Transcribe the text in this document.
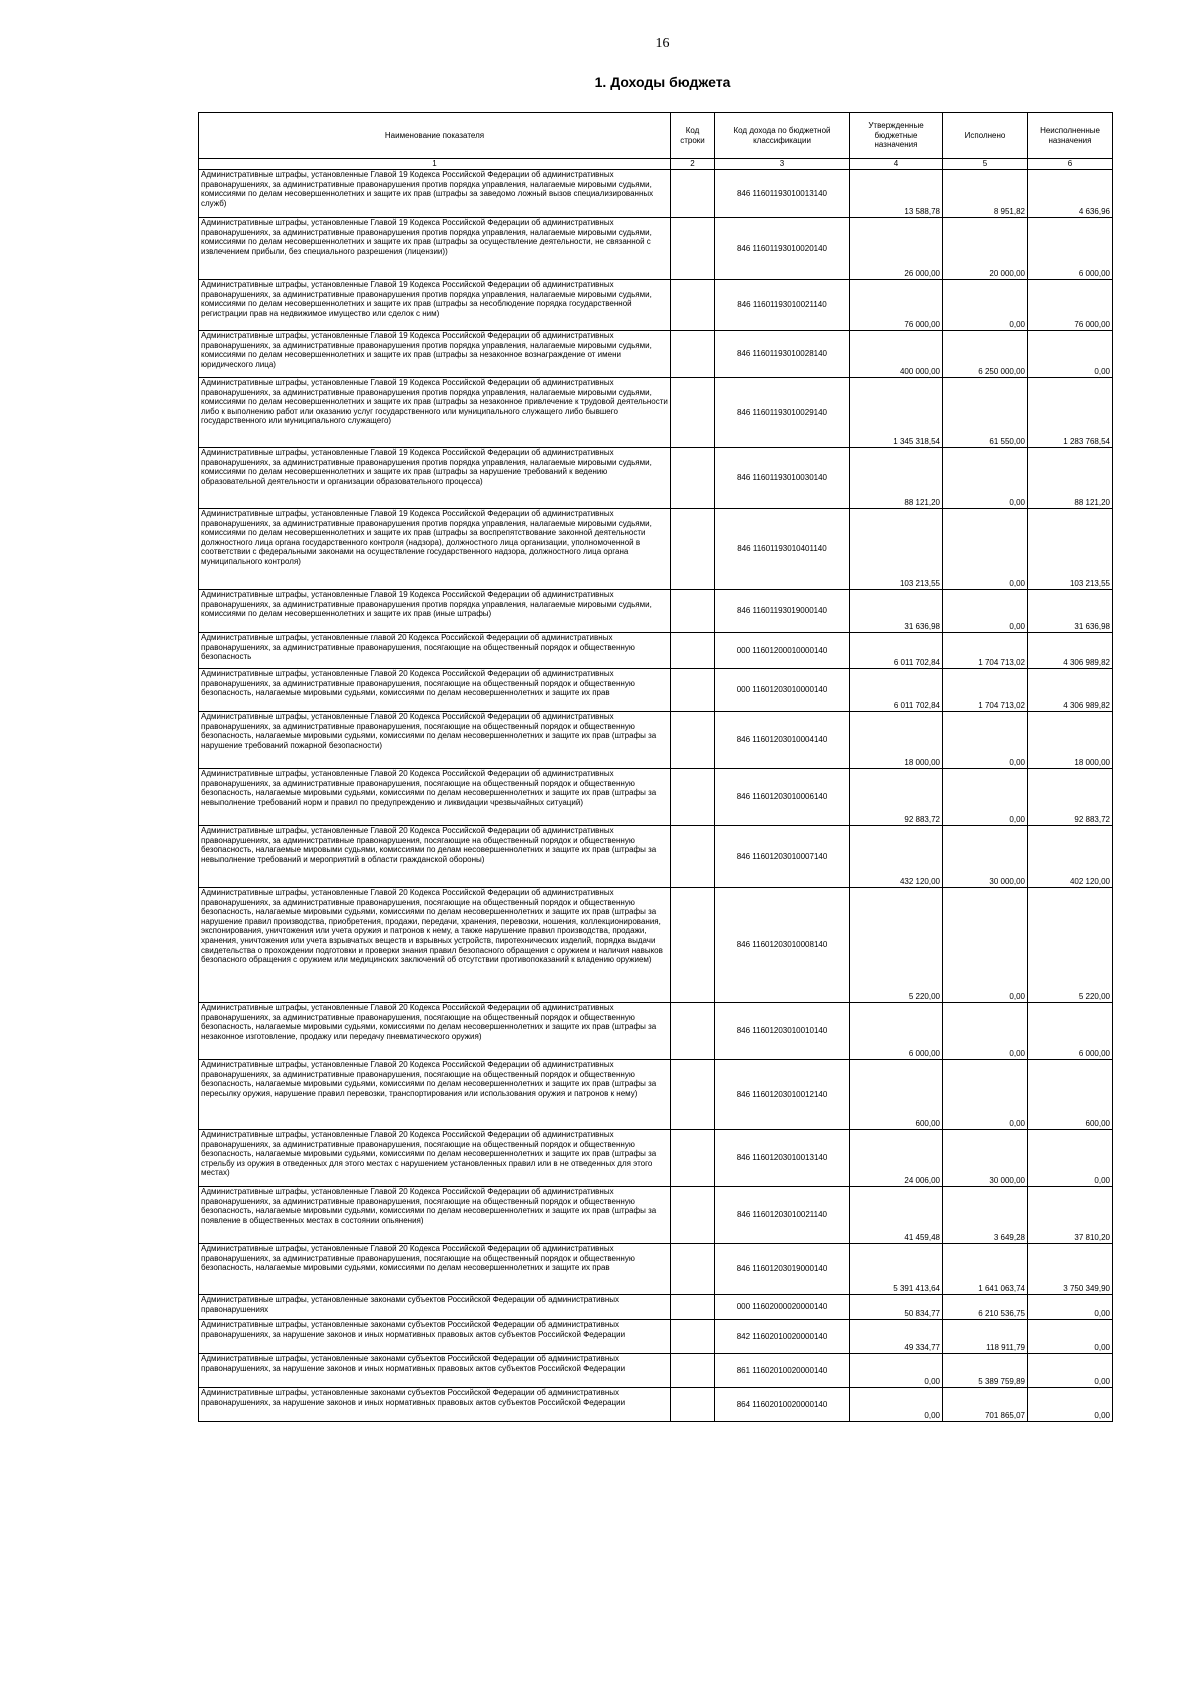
16
1. Доходы бюджета
Наименование показателя	Код строки	Код дохода по бюджетной классификации	Утвержденные бюджетные назначения	Исполнено	Неисполненные назначения
1	2	3	4	5	6
Административные штрафы, установленные Главой 19 Кодекса Российской Федерации об административных правонарушениях, за административные правонарушения против порядка управления, налагаемые мировыми судьями, комиссиями по делам несовершеннолетних и защите их прав (штрафы за заведомо ложный вызов специализированных служб)		846 11601193010013140	13 588,78	8 951,82	4 636,96
Административные штрафы, установленные Главой 19 Кодекса Российской Федерации об административных правонарушениях, за административные правонарушения против порядка управления, налагаемые мировыми судьями, комиссиями по делам несовершеннолетних и защите их прав (штрафы за осуществление деятельности, не связанной с извлечением прибыли, без специального разрешения (лицензии))		846 11601193010020140	26 000,00	20 000,00	6 000,00
Административные штрафы, установленные Главой 19 Кодекса Российской Федерации об административных правонарушениях, за административные правонарушения против порядка управления, налагаемые мировыми судьями, комиссиями по делам несовершеннолетних и защите их прав (штрафы за несоблюдение порядка государственной регистрации прав на недвижимое имущество или сделок с ним)		846 11601193010021140	76 000,00	0,00	76 000,00
Административные штрафы, установленные Главой 19 Кодекса Российской Федерации об административных правонарушениях, за административные правонарушения против порядка управления, налагаемые мировыми судьями, комиссиями по делам несовершеннолетних и защите их прав (штрафы за незаконное вознаграждение от имени юридического лица)		846 11601193010028140	400 000,00	6 250 000,00	0,00
Административные штрафы, установленные Главой 19 Кодекса Российской Федерации об административных правонарушениях, за административные правонарушения против порядка управления, налагаемые мировыми судьями, комиссиями по делам несовершеннолетних и защите их прав (штрафы за незаконное привлечение к трудовой деятельности либо к выполнению работ или оказанию услуг государственного или муниципального служащего либо бывшего государственного или муниципального служащего)		846 11601193010029140	1 345 318,54	61 550,00	1 283 768,54
Административные штрафы, установленные Главой 19 Кодекса Российской Федерации об административных правонарушениях, за административные правонарушения против порядка управления, налагаемые мировыми судьями, комиссиями по делам несовершеннолетних и защите их прав (штрафы за нарушение требований к ведению образовательной деятельности и организации образовательного процесса)		846 11601193010030140	88 121,20	0,00	88 121,20
Административные штрафы, установленные Главой 19 Кодекса Российской Федерации об административных правонарушениях, за административные правонарушения против порядка управления, налагаемые мировыми судьями, комиссиями по делам несовершеннолетних и защите их прав (штрафы за воспрепятствование законной деятельности должностного лица органа государственного контроля (надзора), должностного лица организации, уполномоченной в соответствии с федеральными законами на осуществление государственного надзора, должностного лица органа муниципального контроля)		846 11601193010401140	103 213,55	0,00	103 213,55
Административные штрафы, установленные Главой 19 Кодекса Российской Федерации об административных правонарушениях, за административные правонарушения против порядка управления, налагаемые мировыми судьями, комиссиями по делам несовершеннолетних и защите их прав (иные штрафы)		846 11601193019000140	31 636,98	0,00	31 636,98
Административные штрафы, установленные главой 20 Кодекса Российской Федерации об административных правонарушениях, за административные правонарушения, посягающие на общественный порядок и общественную безопасность		000 11601200010000140	6 011 702,84	1 704 713,02	4 306 989,82
Административные штрафы, установленные Главой 20 Кодекса Российской Федерации об административных правонарушениях, за административные правонарушения, посягающие на общественный порядок и общественную безопасность, налагаемые мировыми судьями, комиссиями по делам несовершеннолетних и защите их прав		000 11601203010000140	6 011 702,84	1 704 713,02	4 306 989,82
Административные штрафы, установленные Главой 20 Кодекса Российской Федерации об административных правонарушениях, за административные правонарушения, посягающие на общественный порядок и общественную безопасность, налагаемые мировыми судьями, комиссиями по делам несовершеннолетних и защите их прав (штрафы за нарушение требований пожарной безопасности)		846 11601203010004140	18 000,00	0,00	18 000,00
Административные штрафы, установленные Главой 20 Кодекса Российской Федерации об административных правонарушениях, за административные правонарушения, посягающие на общественный порядок и общественную безопасность, налагаемые мировыми судьями, комиссиями по делам несовершеннолетних и защите их прав (штрафы за невыполнение требований норм и правил по предупреждению и ликвидации чрезвычайных ситуаций)		846 11601203010006140	92 883,72	0,00	92 883,72
Административные штрафы, установленные Главой 20 Кодекса Российской Федерации об административных правонарушениях, за административные правонарушения, посягающие на общественный порядок и общественную безопасность, налагаемые мировыми судьями, комиссиями по делам несовершеннолетних и защите их прав (штрафы за невыполнение требований и мероприятий в области гражданской обороны)		846 11601203010007140	432 120,00	30 000,00	402 120,00
Административные штрафы, установленные Главой 20 Кодекса Российской Федерации об административных правонарушениях, за административные правонарушения, посягающие на общественный порядок и общественную безопасность, налагаемые мировыми судьями, комиссиями по делам несовершеннолетних и защите их прав (штрафы за нарушение правил производства, приобретения, продажи, передачи, хранения, перевозки, ношения, коллекционирования, экспонирования, уничтожения или учета оружия и патронов к нему, а также нарушение правил производства, продажи, хранения, уничтожения или учета взрывчатых веществ и взрывных устройств, пиротехнических изделий, порядка выдачи свидетельства о прохождении подготовки и проверки знания правил безопасного обращения с оружием и наличия навыков безопасного обращения с оружием или медицинских заключений об отсутствии противопоказаний к владению оружием)		846 11601203010008140	5 220,00	0,00	5 220,00
Административные штрафы, установленные Главой 20 Кодекса Российской Федерации об административных правонарушениях, за административные правонарушения, посягающие на общественный порядок и общественную безопасность, налагаемые мировыми судьями, комиссиями по делам несовершеннолетних и защите их прав (штрафы за незаконное изготовление, продажу или передачу пневматического оружия)		846 11601203010010140	6 000,00	0,00	6 000,00
Административные штрафы, установленные Главой 20 Кодекса Российской Федерации об административных правонарушениях, за административные правонарушения, посягающие на общественный порядок и общественную безопасность, налагаемые мировыми судьями, комиссиями по делам несовершеннолетних и защите их прав (штрафы за пересылку оружия, нарушение правил перевозки, транспортирования или использования оружия и патронов к нему)		846 11601203010012140	600,00	0,00	600,00
Административные штрафы, установленные Главой 20 Кодекса Российской Федерации об административных правонарушениях, за административные правонарушения, посягающие на общественный порядок и общественную безопасность, налагаемые мировыми судьями, комиссиями по делам несовершеннолетних и защите их прав (штрафы за стрельбу из оружия в отведенных для этого местах с нарушением установленных правил или в не отведенных для этого местах)		846 11601203010013140	24 006,00	30 000,00	0,00
Административные штрафы, установленные Главой 20 Кодекса Российской Федерации об административных правонарушениях, за административные правонарушения, посягающие на общественный порядок и общественную безопасность, налагаемые мировыми судьями, комиссиями по делам несовершеннолетних и защите их прав (штрафы за появление в общественных местах в состоянии опьянения)		846 11601203010021140	41 459,48	3 649,28	37 810,20
Административные штрафы, установленные Главой 20 Кодекса Российской Федерации об административных правонарушениях, за административные правонарушения, посягающие на общественный порядок и общественную безопасность, налагаемые мировыми судьями, комиссиями по делам несовершеннолетних и защите их прав		846 11601203019000140	5 391 413,64	1 641 063,74	3 750 349,90
Административные штрафы, установленные законами субъектов Российской Федерации об административных правонарушениях		000 11602000020000140	50 834,77	6 210 536,75	0,00
Административные штрафы, установленные законами субъектов Российской Федерации об административных правонарушениях, за нарушение законов и иных нормативных правовых актов субъектов Российской Федерации		842 11602010020000140	49 334,77	118 911,79	0,00
Административные штрафы, установленные законами субъектов Российской Федерации об административных правонарушениях, за нарушение законов и иных нормативных правовых актов субъектов Российской Федерации		861 11602010020000140	0,00	5 389 759,89	0,00
Административные штрафы, установленные законами субъектов Российской Федерации об административных правонарушениях, за нарушение законов и иных нормативных правовых актов субъектов Российской Федерации		864 11602010020000140	0,00	701 865,07	0,00
